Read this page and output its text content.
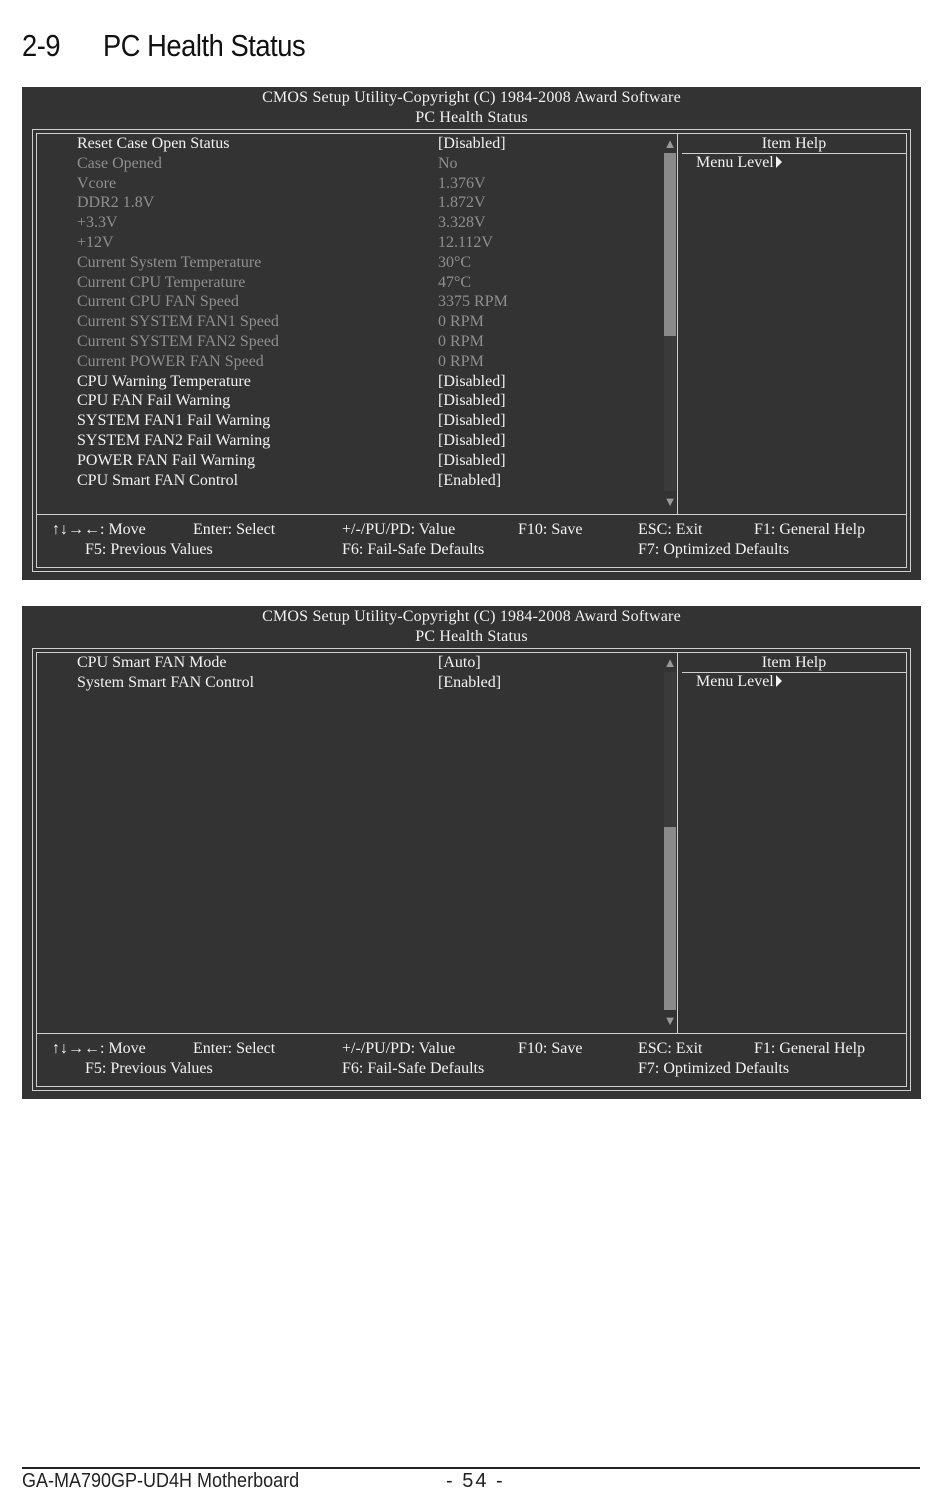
2-9 PC Health Status
CMOS Setup Utility-Copyright (C) 1984-2008 Award Software
PC Health Status
Reset Case Open Status	[Disabled]
Case Opened	No
Vcore	1.376V
DDR2 1.8V	1.872V
+3.3V	3.328V
+12V	12.112V
Current System Temperature	30°C
Current CPU Temperature	47°C
Current CPU FAN Speed	3375 RPM
Current SYSTEM FAN1 Speed	0 RPM
Current SYSTEM FAN2 Speed	0 RPM
Current POWER FAN Speed	0 RPM
CPU Warning Temperature	[Disabled]
CPU FAN Fail Warning	[Disabled]
SYSTEM FAN1 Fail Warning	[Disabled]
SYSTEM FAN2 Fail Warning	[Disabled]
POWER FAN Fail Warning	[Disabled]
CPU Smart FAN Control	[Enabled]
▲
▼
Item Help
Menu Level
↑↓→←: Move	Enter: Select	+/-/PU/PD: Value	F10: Save	ESC: Exit	F1: General Help
F5: Previous Values	F6: Fail-Safe Defaults	F7: Optimized Defaults
CMOS Setup Utility-Copyright (C) 1984-2008 Award Software
PC Health Status
CPU Smart FAN Mode	[Auto]
System Smart FAN Control	[Enabled]
▲
▼
Item Help
Menu Level
↑↓→←: Move	Enter: Select	+/-/PU/PD: Value	F10: Save	ESC: Exit	F1: General Help
F5: Previous Values	F6: Fail-Safe Defaults	F7: Optimized Defaults
GA-MA790GP-UD4H Motherboard	- 54 -
